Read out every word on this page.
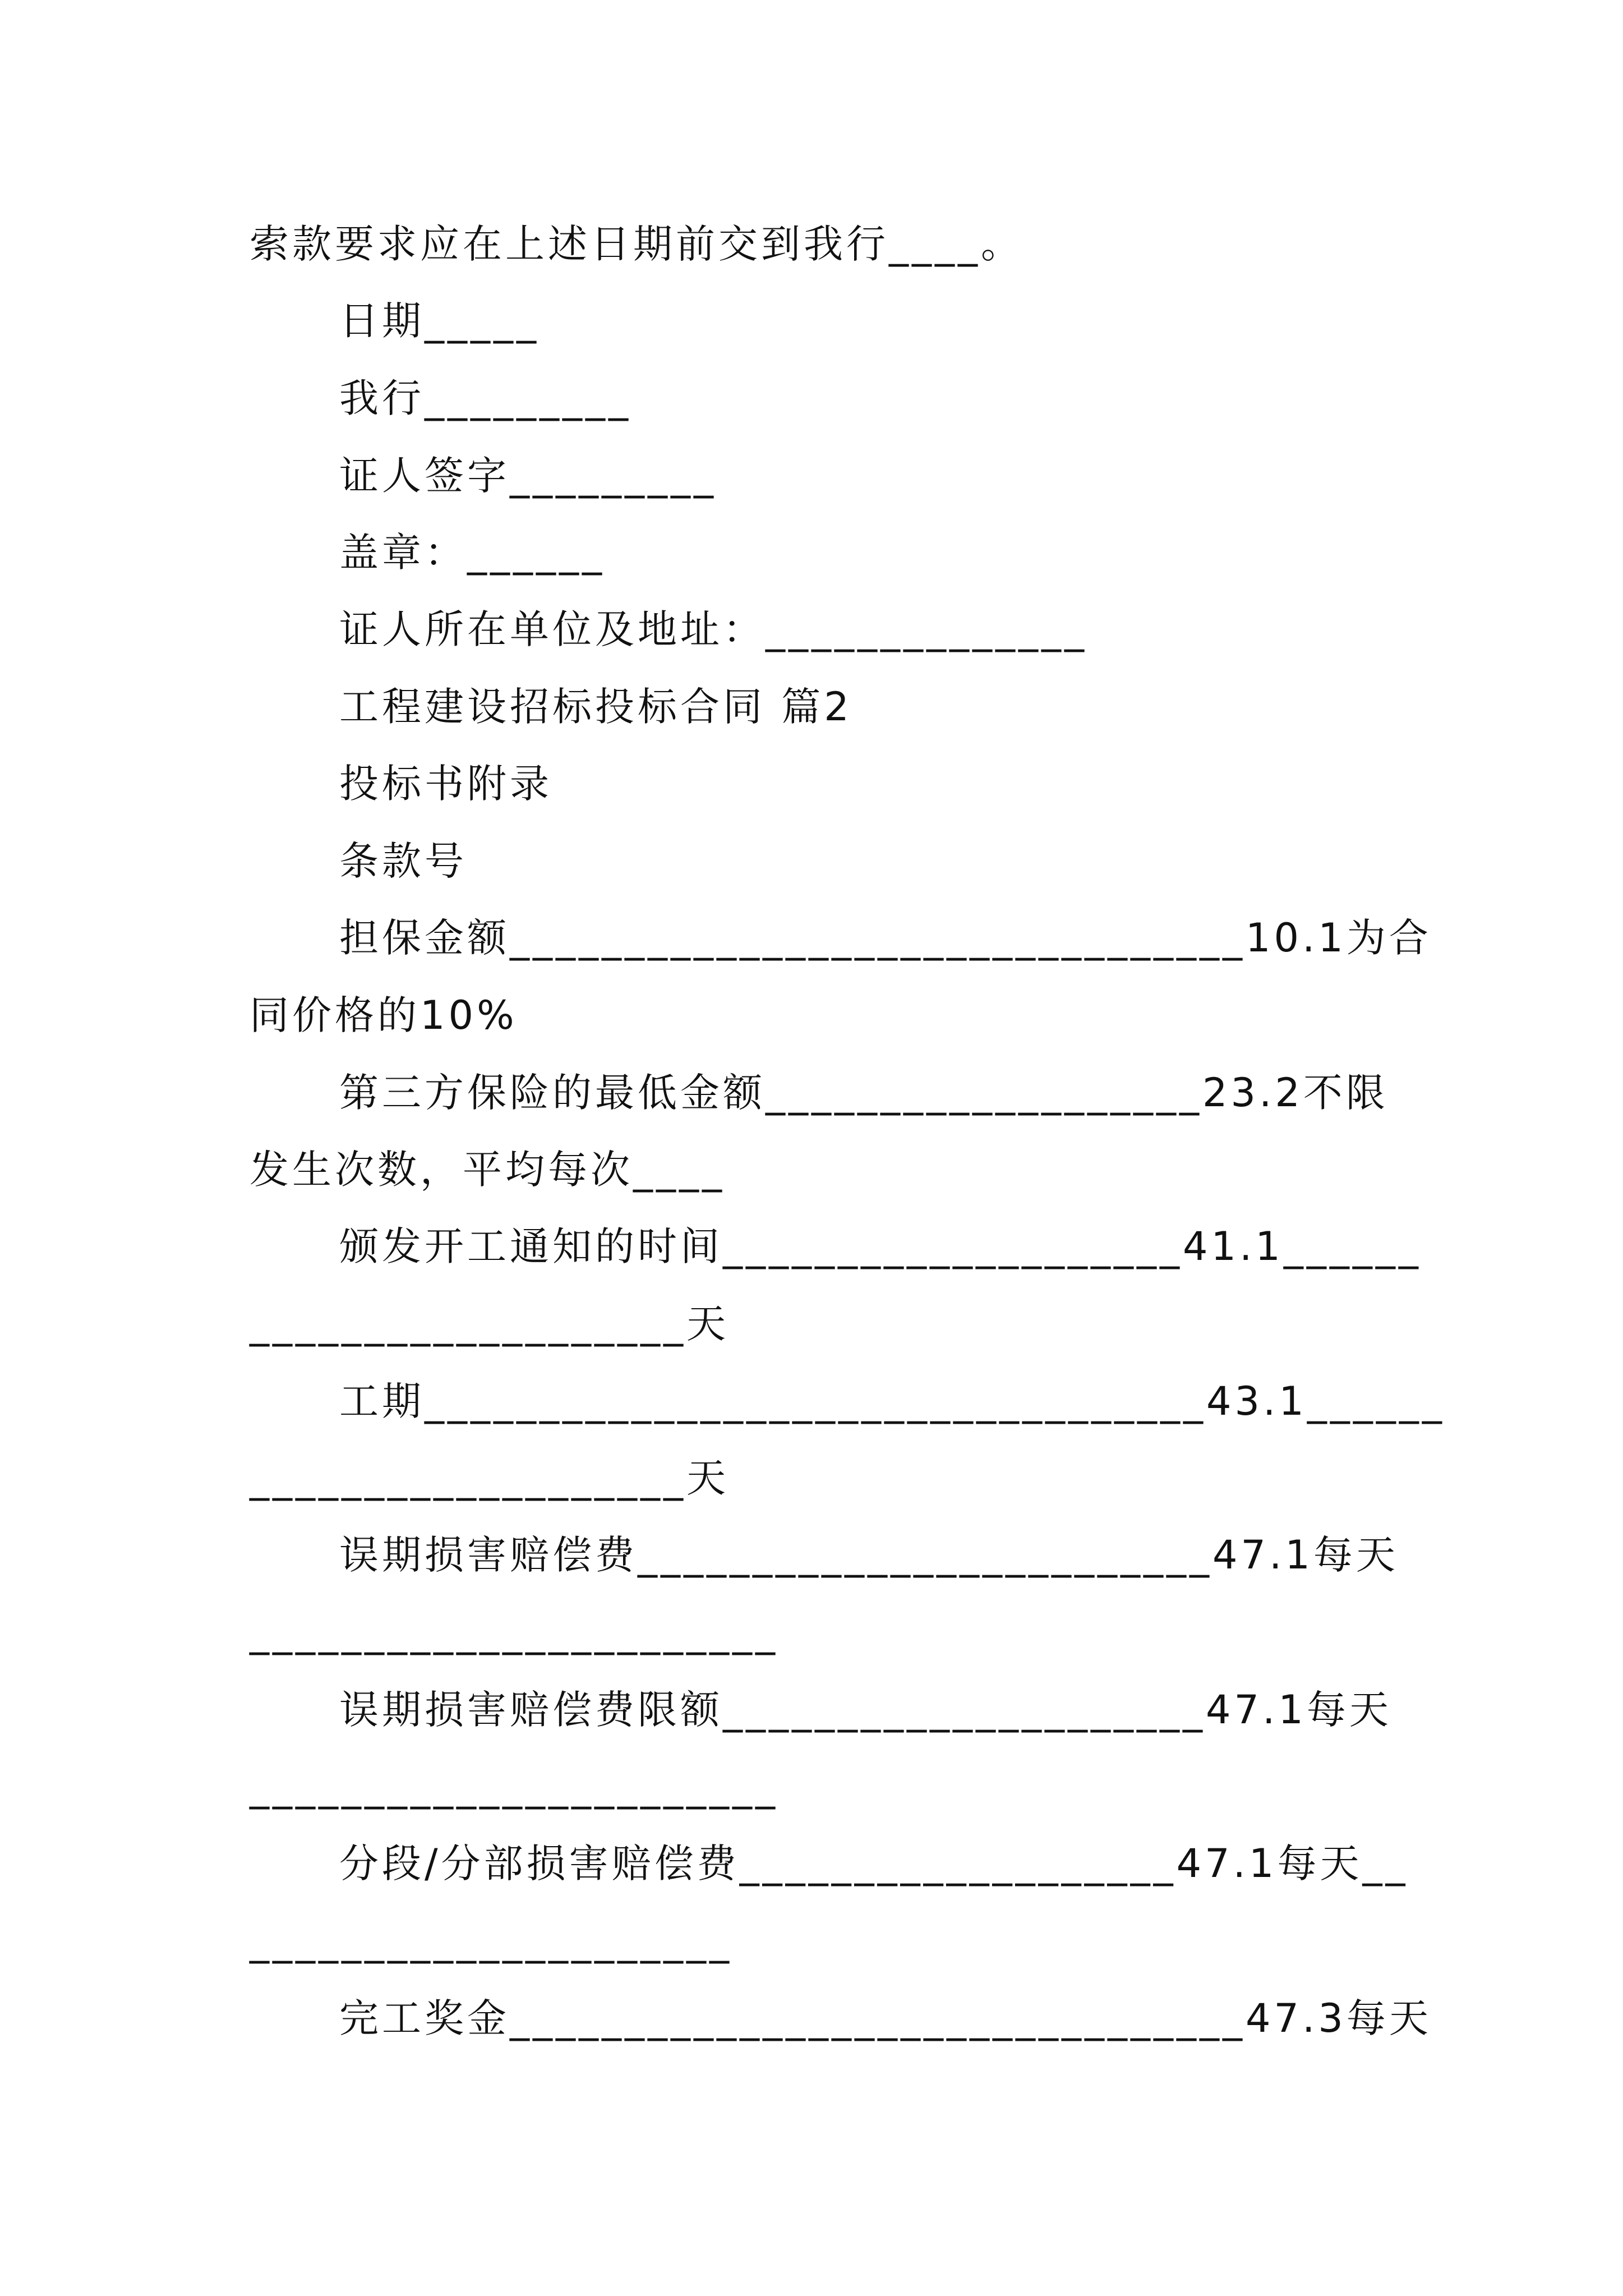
索款要求应在上述日期前交到我行____。
日期_____
我行_________
证人签字_________
盖章：______
证人所在单位及地址：______________
工程建设招标投标合同 篇2
投标书附录
条款号
担保金额________________________________10.1为合
同价格的10%
第三方保险的最低金额___________________23.2不限
发生次数，平均每次____
颁发开工通知的时间____________________41.1______
___________________天
工期__________________________________43.1______
___________________天
误期损害赔偿费_________________________47.1每天
_______________________
误期损害赔偿费限额_____________________47.1每天
_______________________
分段/分部损害赔偿费___________________47.1每天__
_____________________
完工奖金________________________________47.3每天
